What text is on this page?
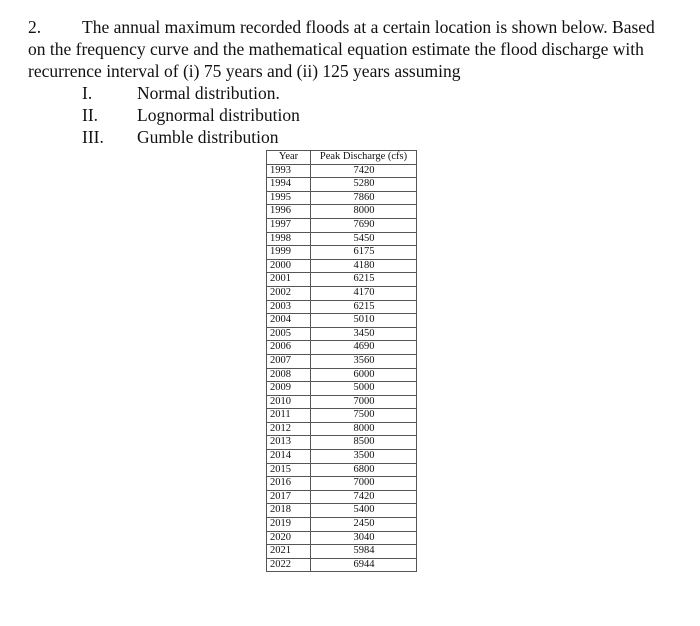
2. The annual maximum recorded floods at a certain location is shown below. Based
on the frequency curve and the mathematical equation estimate the flood discharge with
recurrence interval of (i) 75 years and (ii) 125 years assuming
I.	Normal distribution.
II.	Lognormal distribution
III.	Gumble distribution
Year	Peak Discharge (cfs)
1993	7420
1994	5280
1995	7860
1996	8000
1997	7690
1998	5450
1999	6175
2000	4180
2001	6215
2002	4170
2003	6215
2004	5010
2005	3450
2006	4690
2007	3560
2008	6000
2009	5000
2010	7000
2011	7500
2012	8000
2013	8500
2014	3500
2015	6800
2016	7000
2017	7420
2018	5400
2019	2450
2020	3040
2021	5984
2022	6944
